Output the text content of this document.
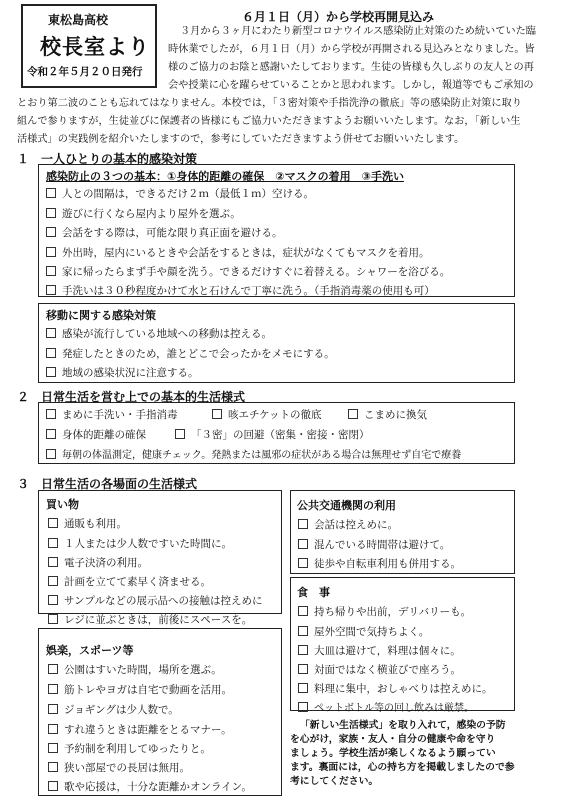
東松島高校
校長室より
令和２年５月２０日発行
６月１日（月）から学校再開見込み
３月から３ヶ月にわたり新型コロナウイルス感染防止対策のため続いていた臨
時休業でしたが，６月１日（月）から学校が再開される見込みとなりました。皆
様のご協力のお陰と感謝いたしております。生徒の皆様も久しぶりの友人との再
会や授業に心を躍らせていることかと思われます。しかし，報道等でもご承知の
とおり第二波のことも忘れてはなりません。本校では，「３密対策や手指洗浄の徹底」等の感染防止対策に取り
組んで参りますが，生徒並びに保護者の皆様にもご協力いただきますようお願いいたします。なお，「新しい生
活様式」の実践例を紹介いたしますので，参考にしていただきますよう併せてお願いいたします。
１　一人ひとりの基本的感染対策
感染防止の３つの基本：①身体的距離の確保　②マスクの着用　③手洗い
人との間隔は，できるだけ２ｍ（最低１ｍ）空ける。
遊びに行くなら屋内より屋外を選ぶ。
会話をする際は，可能な限り真正面を避ける。
外出時，屋内にいるときや会話をするときは，症状がなくてもマスクを着用。
家に帰ったらまず手や顔を洗う。できるだけすぐに着替える。シャワーを浴びる。
手洗いは３０秒程度かけて水と石けんで丁寧に洗う。（手指消毒薬の使用も可）
移動に関する感染対策
感染が流行している地域への移動は控える。
発症したときのため，誰とどこで会ったかをメモにする。
地域の感染状況に注意する。
２　日常生活を営む上での基本的生活様式
まめに手洗い・手指消毒	咳エチケットの徹底	こまめに換気
身体的距離の確保	「３密」の回避（密集・密接・密閉）
毎朝の体温測定，健康チェック。発熱または風邪の症状がある場合は無理せず自宅で療養
３　日常生活の各場面の生活様式
買い物
通販も利用。
１人または少人数ですいた時間に。
電子決済の利用。
計画を立てて素早く済ませる。
サンプルなどの展示品への接触は控えめに
レジに並ぶときは，前後にスペースを。
公共交通機関の利用
会話は控えめに。
混んでいる時間帯は避けて。
徒歩や自転車利用も併用する。
食　事
持ち帰りや出前，デリバリーも。
屋外空間で気持ちよく。
大皿は避けて，料理は個々に。
対面ではなく横並びで座ろう。
料理に集中，おしゃべりは控えめに。
ペットボトル等の回し飲みは厳禁。
娯楽，スポーツ等
公園はすいた時間，場所を選ぶ。
筋トレやヨガは自宅で動画を活用。
ジョギングは少人数で。
すれ違うときは距離をとるマナー。
予約制を利用してゆったりと。
狭い部屋での長居は無用。
歌や応援は，十分な距離かオンライン。
「新しい生活様式」を取り入れて，感染の予防
を心がけ，家族・友人・自分の健康や命を守り
ましょう。学校生活が楽しくなるよう願ってい
ます。裏面には，心の持ち方を掲載しましたので参
考にしてください。
